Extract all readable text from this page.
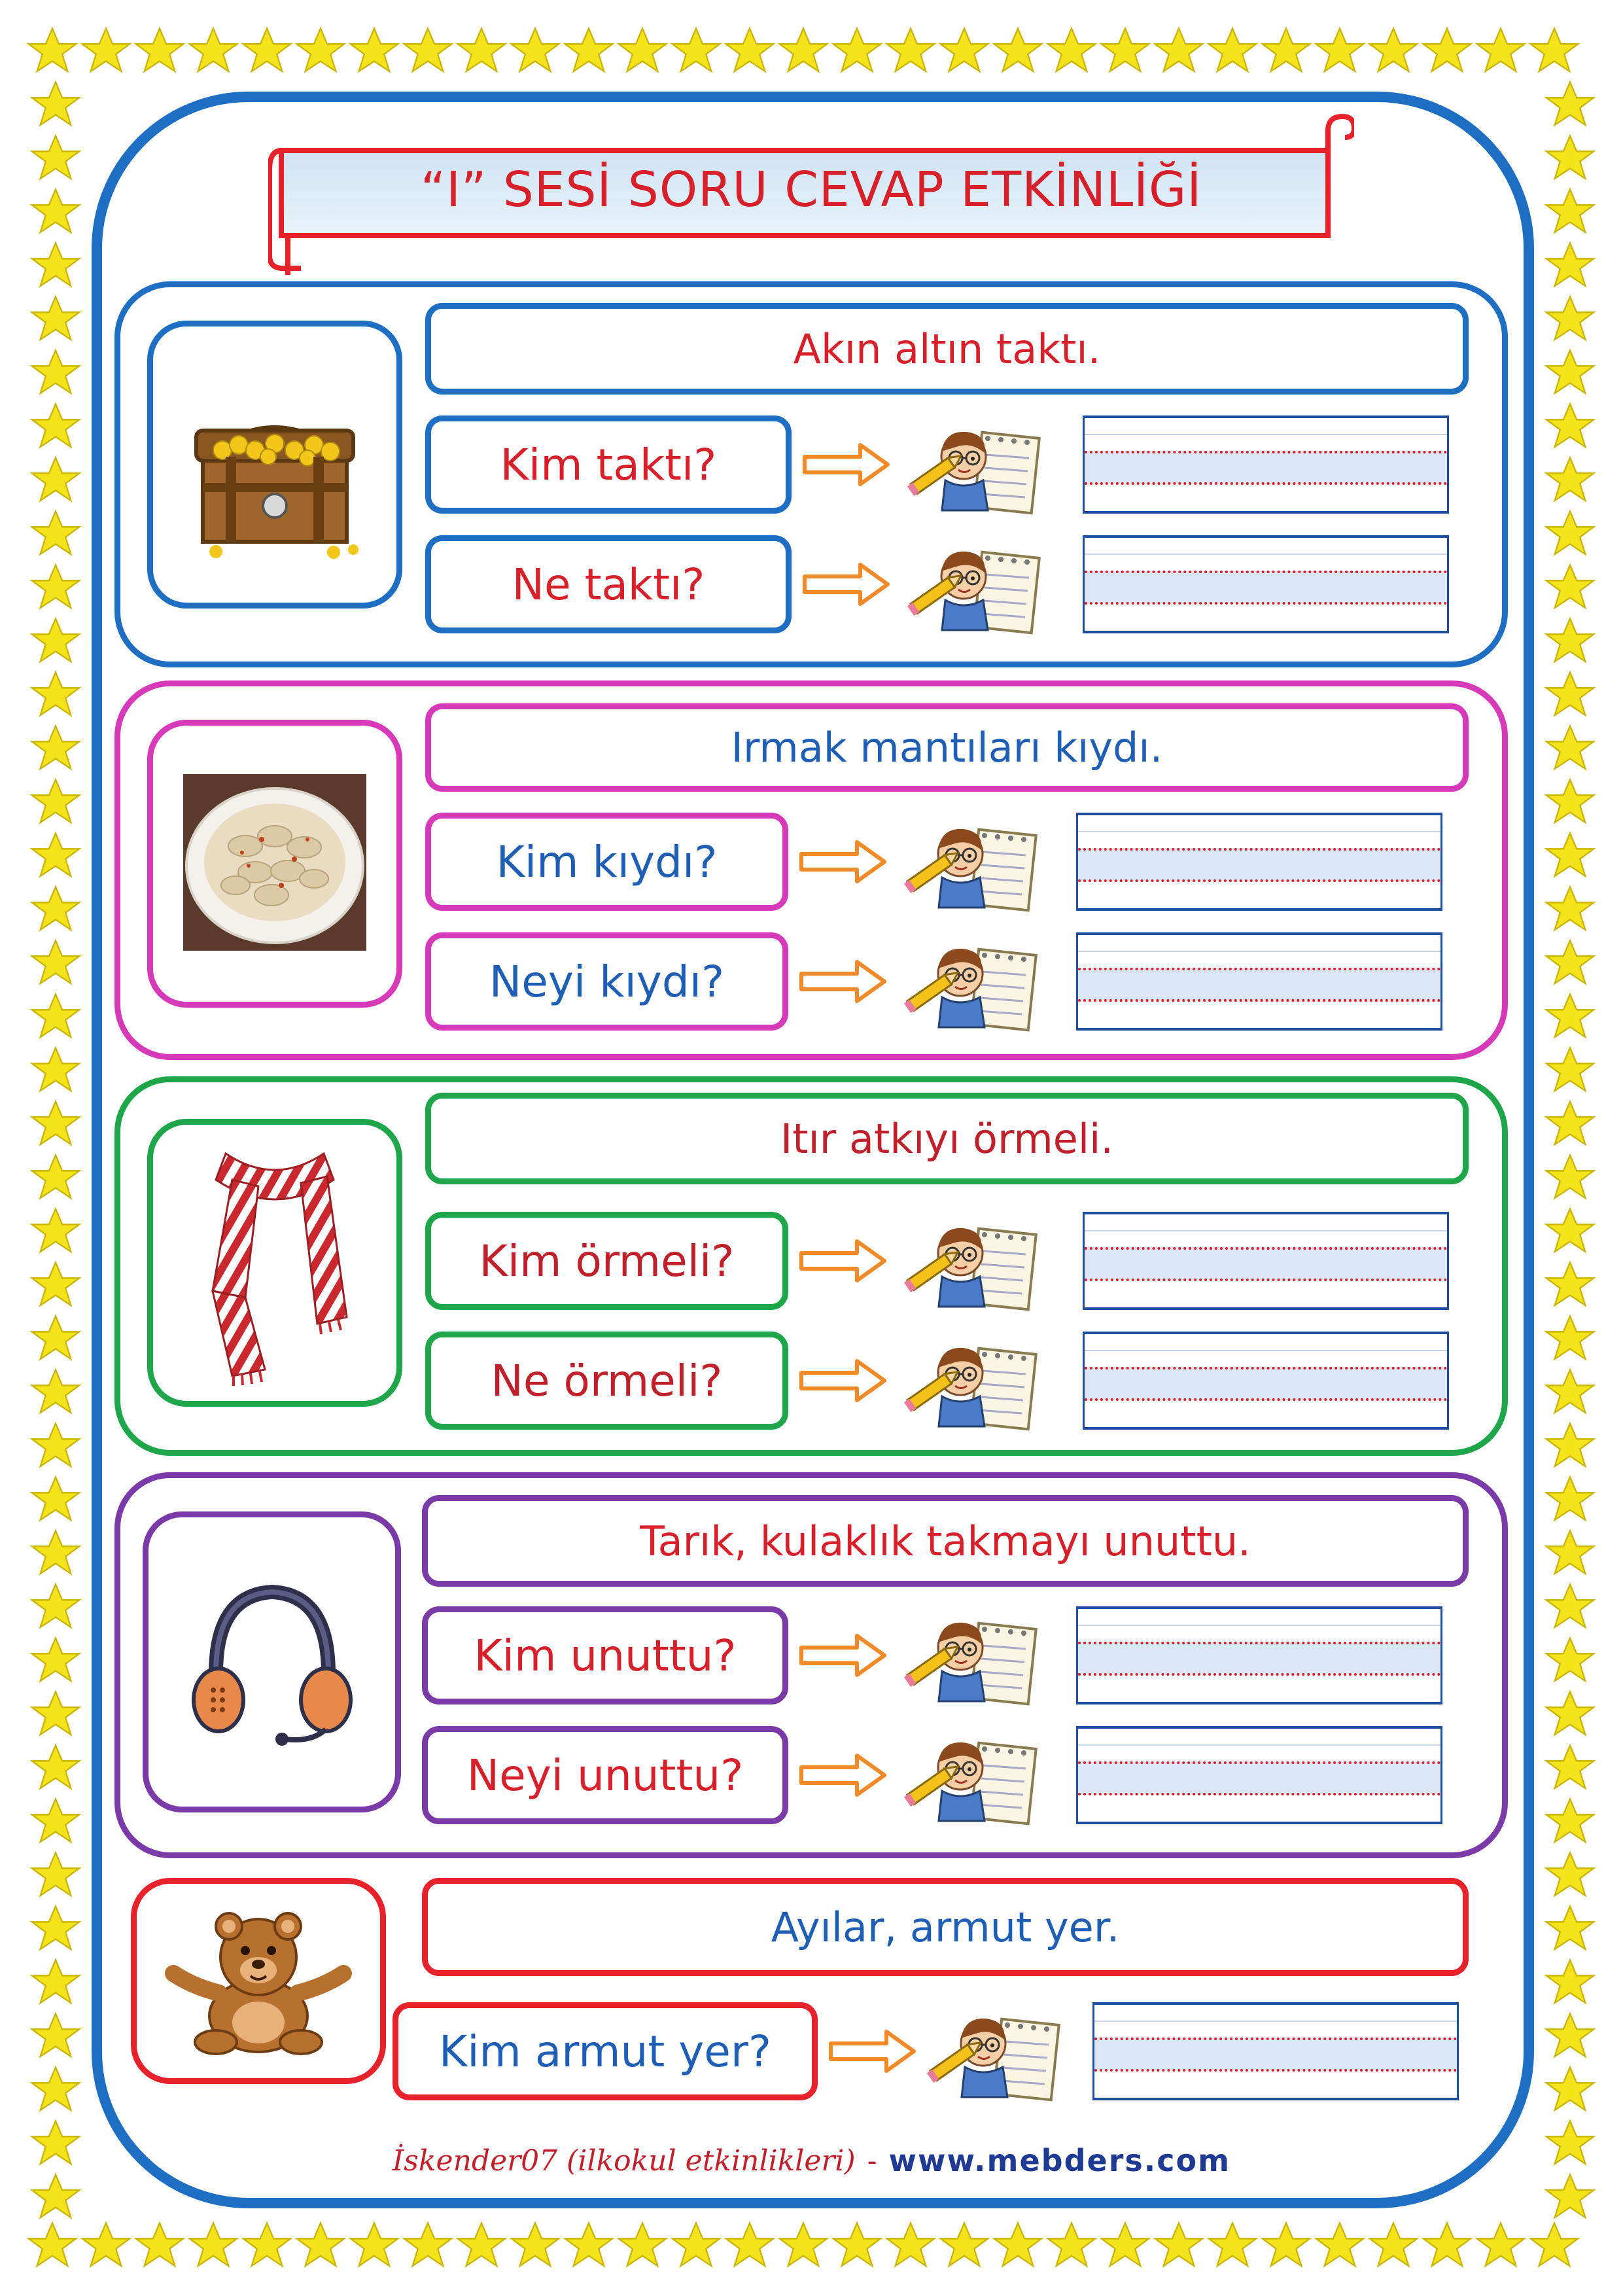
“I” SESİ SORU CEVAP ETKİNLİĞİ
Akın altın taktı.
Kim taktı?
Ne taktı?
Irmak mantıları kıydı.
Kim kıydı?
Neyi kıydı?
Itır atkıyı örmeli.
Kim örmeli?
Ne örmeli?
Tarık, kulaklık takmayı unuttu.
Kim unuttu?
Neyi unuttu?
Ayılar, armut yer.
Kim armut yer?
İskender07 (ilkokul etkinlikleri) - www.mebders.com
